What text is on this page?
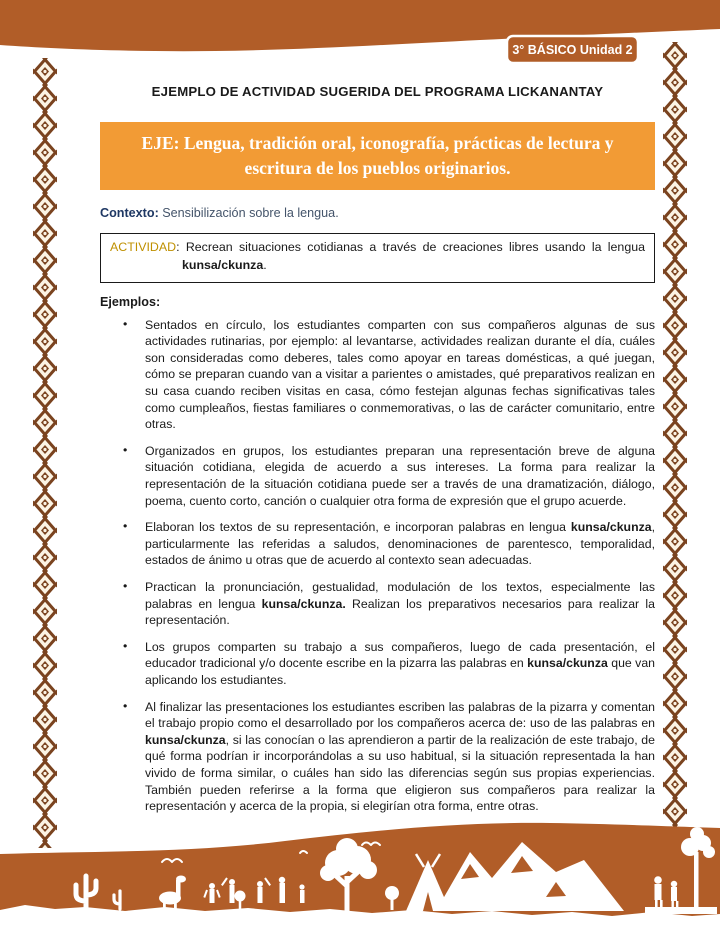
3° BÁSICO Unidad 2
EJEMPLO DE ACTIVIDAD SUGERIDA DEL PROGRAMA LICKANANTAY
EJE: Lengua, tradición oral, iconografía, prácticas de lectura y escritura de los pueblos originarios.

Contexto: Sensibilización sobre la lengua.

ACTIVIDAD: Recrean situaciones cotidianas a través de creaciones libres usando la lengua kunsa/ckunza.

Ejemplos:

• Sentados en círculo, los estudiantes comparten con sus compañeros algunas de sus actividades rutinarias, por ejemplo: al levantarse, actividades realizan durante el día, cuáles son consideradas como deberes, tales como apoyar en tareas domésticas, a qué juegan, cómo se preparan cuando van a visitar a parientes o amistades, qué preparativos realizan en su casa cuando reciben visitas en casa, cómo festejan algunas fechas significativas tales como cumpleaños, fiestas familiares o conmemorativas, o las de carácter comunitario, entre otras.
• Organizados en grupos, los estudiantes preparan una representación breve de alguna situación cotidiana, elegida de acuerdo a sus intereses. La forma para realizar la representación de la situación cotidiana puede ser a través de una dramatización, diálogo, poema, cuento corto, canción o cualquier otra forma de expresión que el grupo acuerde.
• Elaboran los textos de su representación, e incorporan palabras en lengua kunsa/ckunza, particularmente las referidas a saludos, denominaciones de parentesco, temporalidad, estados de ánimo u otras que de acuerdo al contexto sean adecuadas.
• Practican la pronunciación, gestualidad, modulación de los textos, especialmente las palabras en lengua kunsa/ckunza. Realizan los preparativos necesarios para realizar la representación.
• Los grupos comparten su trabajo a sus compañeros, luego de cada presentación, el educador tradicional y/o docente escribe en la pizarra las palabras en kunsa/ckunza que van aplicando los estudiantes.
• Al finalizar las presentaciones los estudiantes escriben las palabras de la pizarra y comentan el trabajo propio como el desarrollado por los compañeros acerca de: uso de las palabras en kunsa/ckunza, si las conocían o las aprendieron a partir de la realización de este trabajo, de qué forma podrían ir incorporándolas a su uso habitual, si la situación representada la han vivido de forma similar, o cuáles han sido las diferencias según sus propias experiencias. También pueden referirse a la forma que eligieron sus compañeros para realizar la representación y acerca de la propia, si elegirían otra forma, entre otras.
